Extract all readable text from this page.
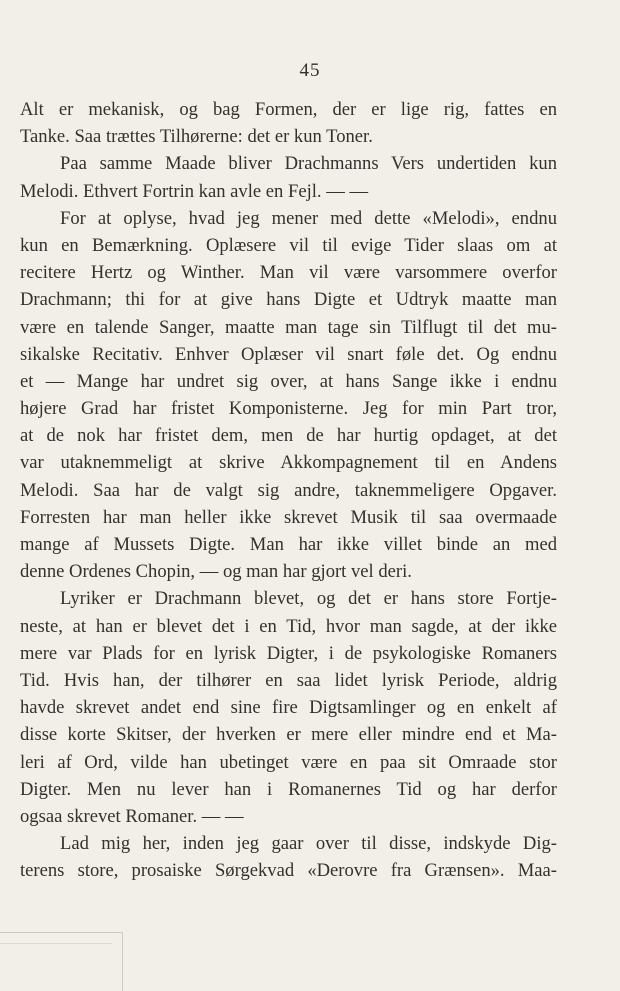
45
Alt er mekanisk, og bag Formen, der er lige rig, fattes en
Tanke. Saa trættes Tilhørerne: det er kun Toner.
Paa samme Maade bliver Drachmanns Vers undertiden kun
Melodi. Ethvert Fortrin kan avle en Fejl. — —
For at oplyse, hvad jeg mener med dette «Melodi», endnu
kun en Bemærkning. Oplæsere vil til evige Tider slaas om at
recitere Hertz og Winther. Man vil være varsommere overfor
Drachmann; thi for at give hans Digte et Udtryk maatte man
være en talende Sanger, maatte man tage sin Tilflugt til det mu-
sikalske Recitativ. Enhver Oplæser vil snart føle det. Og endnu
et — Mange har undret sig over, at hans Sange ikke i endnu
højere Grad har fristet Komponisterne. Jeg for min Part tror,
at de nok har fristet dem, men de har hurtig opdaget, at det
var utaknemmeligt at skrive Akkompagnement til en Andens
Melodi. Saa har de valgt sig andre, taknemmeligere Opgaver.
Forresten har man heller ikke skrevet Musik til saa overmaade
mange af Mussets Digte. Man har ikke villet binde an med
denne Ordenes Chopin, — og man har gjort vel deri.
Lyriker er Drachmann blevet, og det er hans store Fortje-
neste, at han er blevet det i en Tid, hvor man sagde, at der ikke
mere var Plads for en lyrisk Digter, i de psykologiske Romaners
Tid. Hvis han, der tilhører en saa lidet lyrisk Periode, aldrig
havde skrevet andet end sine fire Digtsamlinger og en enkelt af
disse korte Skitser, der hverken er mere eller mindre end et Ma-
leri af Ord, vilde han ubetinget være en paa sit Omraade stor
Digter. Men nu lever han i Romanernes Tid og har derfor
ogsaa skrevet Romaner. — —
Lad mig her, inden jeg gaar over til disse, indskyde Dig-
terens store, prosaiske Sørgekvad «Derovre fra Grænsen». Maa-
